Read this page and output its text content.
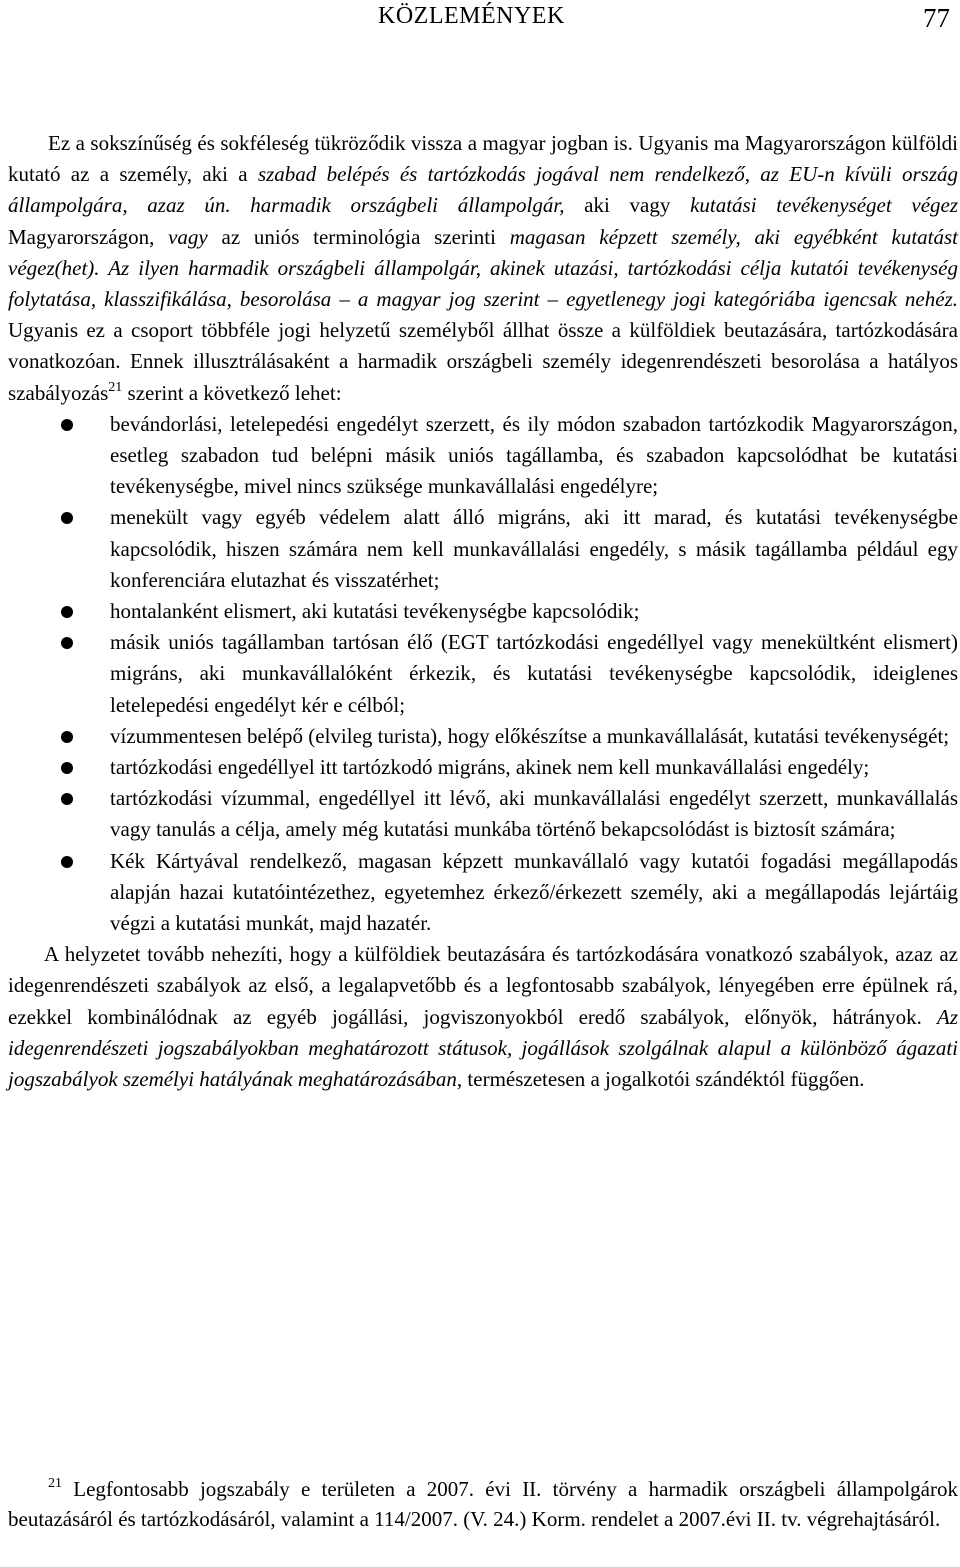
KÖZLEMÉNYEK	77

Ez a sokszínűség és sokféleség tükröződik vissza a magyar jogban is. Ugyanis ma Magyarországon külföldi kutató az a személy, aki a szabad belépés és tartózkodás jogával nem rendelkező, az EU-n kívüli ország állampolgára, azaz ún. harmadik országbeli állampolgár, aki vagy kutatási tevékenységet végez Magyarországon, vagy az uniós terminológia szerinti magasan képzett személy, aki egyébként kutatást végez(het). Az ilyen harmadik országbeli állampolgár, akinek utazási, tartózkodási célja kutatói tevékenység folytatása, klasszifikálása, besorolása – a magyar jog szerint – egyetlenegy jogi kategóriába igencsak nehéz. Ugyanis ez a csoport többféle jogi helyzetű személyből állhat össze a külföldiek beutazására, tartózkodására vonatkozóan. Ennek illusztrálásaként a harmadik országbeli személy idegenrendészeti besorolása a hatályos szabályozás$^{21}$ szerint a következő lehet:

bevándorlási, letelepedési engedélyt szerzett, és ily módon szabadon tartózkodik Magyarországon, esetleg szabadon tud belépni másik uniós tagállamba, és szabadon kapcsolódhat be kutatási tevékenységbe, mivel nincs szüksége munkavállalási engedélyre;
menekült vagy egyéb védelem alatt álló migráns, aki itt marad, és kutatási tevékenységbe kapcsolódik, hiszen számára nem kell munkavállalási engedély, s másik tagállamba például egy konferenciára elutazhat és visszatérhet;
hontalanként elismert, aki kutatási tevékenységbe kapcsolódik;
másik uniós tagállamban tartósan élő (EGT tartózkodási engedéllyel vagy menekültként elismert) migráns, aki munkavállalóként érkezik, és kutatási tevékenységbe kapcsolódik, ideiglenes letelepedési engedélyt kér e célból;
vízummentesen belépő (elvileg turista), hogy előkészítse a munkavállalását, kutatási tevékenységét;
tartózkodási engedéllyel itt tartózkodó migráns, akinek nem kell munkavállalási engedély;
tartózkodási vízummal, engedéllyel itt lévő, aki munkavállalási engedélyt szerzett, munkavállalás vagy tanulás a célja, amely még kutatási munkába történő bekapcsolódást is biztosít számára;
Kék Kártyával rendelkező, magasan képzett munkavállaló vagy kutatói fogadási megállapodás alapján hazai kutatóintézethez, egyetemhez érkező/érkezett személy, aki a megállapodás lejártáig végzi a kutatási munkát, majd hazatér.

A helyzetet tovább nehezíti, hogy a külföldiek beutazására és tartózkodására vonatkozó szabályok, azaz az idegenrendészeti szabályok az első, a legalapvetőbb és a legfontosabb szabályok, lényegében erre épülnek rá, ezekkel kombinálódnak az egyéb jogállási, jogviszonyokból eredő szabályok, előnyök, hátrányok. Az idegenrendészeti jogszabályokban meghatározott státusok, jogállások szolgálnak alapul a különböző ágazati jogszabályok személyi hatályának meghatározásában, természetesen a jogalkotói szándéktól függően.

$^{21}$ Legfontosabb jogszabály e területen a 2007. évi II. törvény a harmadik országbeli állampolgárok beutazásáról és tartózkodásáról, valamint a 114/2007. (V. 24.) Korm. rendelet a 2007.évi II. tv. végrehajtásáról.
